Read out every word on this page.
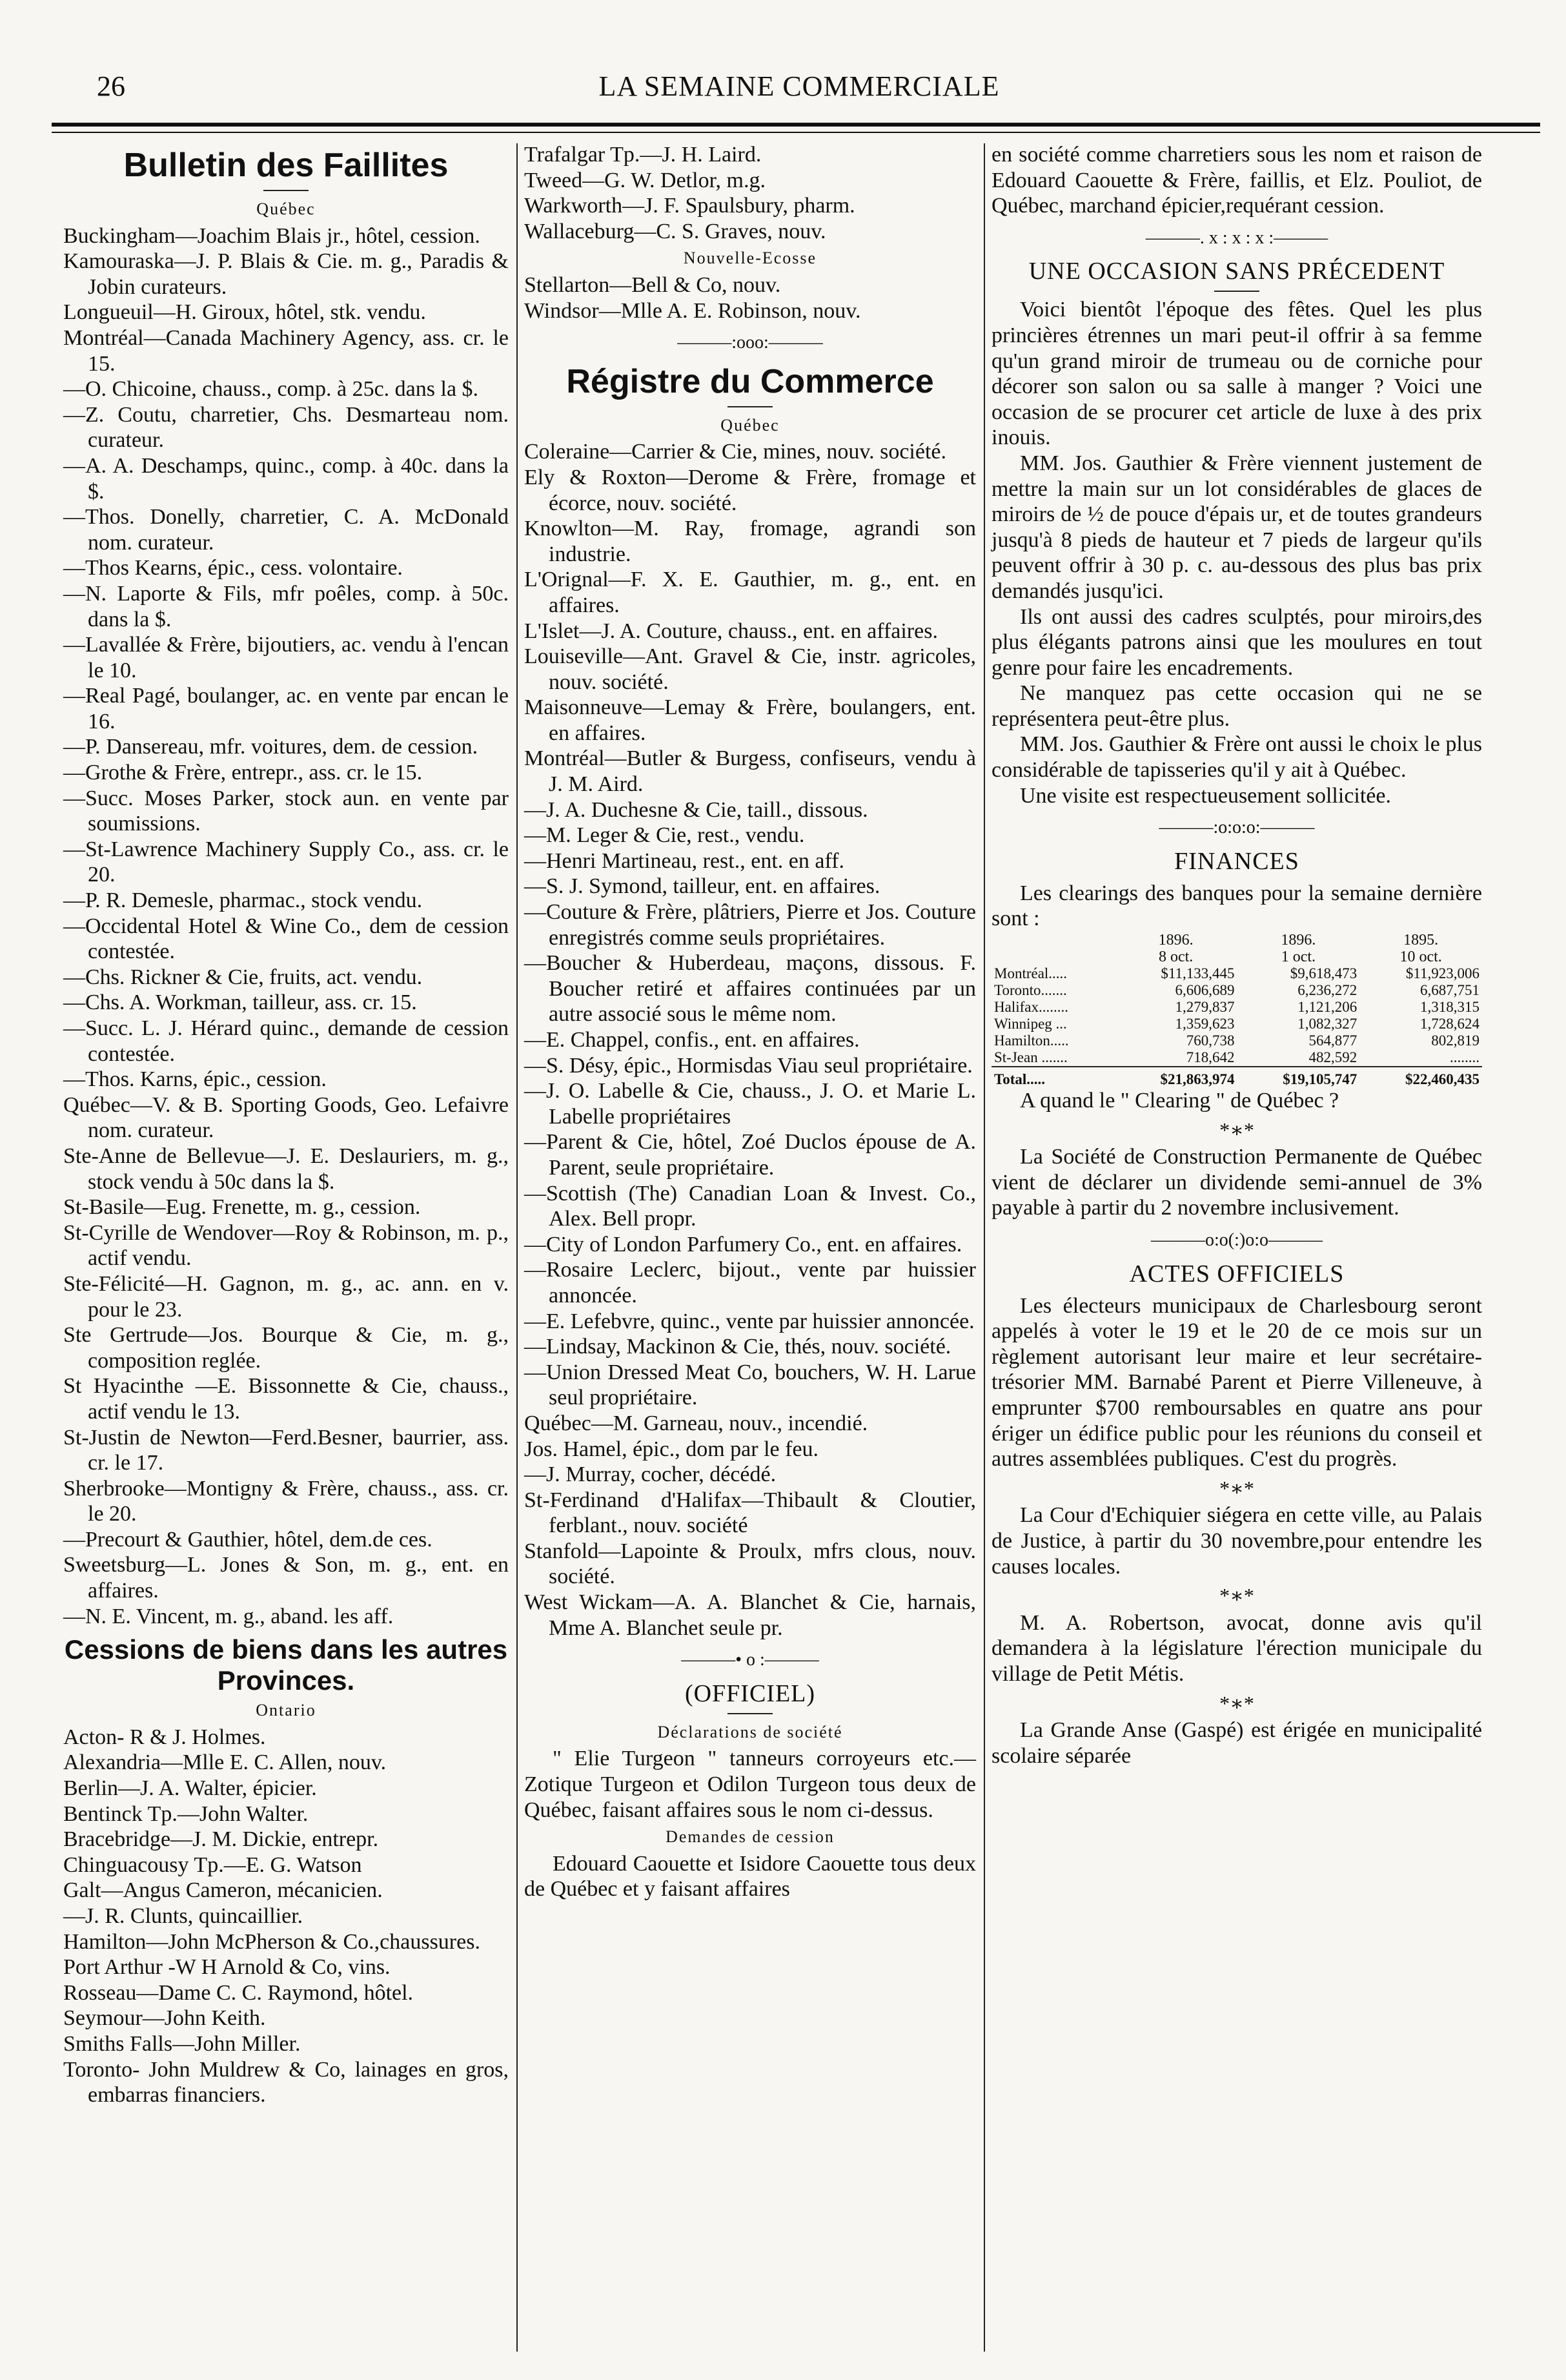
26	LA SEMAINE COMMERCIALE
Bulletin des Faillites
Québec
Buckingham—Joachim Blais jr., hôtel, cession.
Kamouraska—J. P. Blais & Cie. m. g., Paradis & Jobin curateurs.
Longueuil—H. Giroux, hôtel, stk. vendu.
Montréal—Canada Machinery Agency, ass. cr. le 15.
—O. Chicoine, chauss., comp. à 25c. dans la $.
—Z. Coutu, charretier, Chs. Desmarteau nom. curateur.
—A. A. Deschamps, quinc., comp. à 40c. dans la $.
—Thos. Donelly, charretier, C. A. McDonald nom. curateur.
—Thos Kearns, épic., cess. volontaire.
—N. Laporte & Fils, mfr poêles, comp. à 50c. dans la $.
—Lavallée & Frère, bijoutiers, ac. vendu à l'encan le 10.
—Real Pagé, boulanger, ac. en vente par encan le 16.
—P. Dansereau, mfr. voitures, dem. de cession.
—Grothe & Frère, entrepr., ass. cr. le 15.
—Succ. Moses Parker, stock aun. en vente par soumissions.
—St-Lawrence Machinery Supply Co., ass. cr. le 20.
—P. R. Demesle, pharmac., stock vendu.
—Occidental Hotel & Wine Co., dem de cession contestée.
—Chs. Rickner & Cie, fruits, act. vendu.
—Chs. A. Workman, tailleur, ass. cr. 15.
—Succ. L. J. Hérard quinc., demande de cession contestée.
—Thos. Karns, épic., cession.
Québec—V. & B. Sporting Goods, Geo. Lefaivre nom. curateur.
Ste-Anne de Bellevue—J. E. Deslauriers, m. g., stock vendu à 50c dans la $.
St-Basile—Eug. Frenette, m. g., cession.
St-Cyrille de Wendover—Roy & Robinson, m. p., actif vendu.
Ste-Félicité—H. Gagnon, m. g., ac. ann. en v. pour le 23.
Ste Gertrude—Jos. Bourque & Cie, m. g., composition reglée.
St Hyacinthe —E. Bissonnette & Cie, chauss., actif vendu le 13.
St-Justin de Newton—Ferd.Besner, baurrier, ass. cr. le 17.
Sherbrooke—Montigny & Frère, chauss., ass. cr. le 20.
—Precourt & Gauthier, hôtel, dem.de ces.
Sweetsburg—L. Jones & Son, m. g., ent. en affaires.
—N. E. Vincent, m. g., aband. les aff.
Cessions de biens dans les autres Provinces.
Ontario
Acton- R & J. Holmes.
Alexandria—Mlle E. C. Allen, nouv.
Berlin—J. A. Walter, épicier.
Bentinck Tp.—John Walter.
Bracebridge—J. M. Dickie, entrepr.
Chinguacousy Tp.—E. G. Watson
Galt—Angus Cameron, mécanicien.
—J. R. Clunts, quincaillier.
Hamilton—John McPherson & Co.,chaussures.
Port Arthur -W H Arnold & Co, vins.
Rosseau—Dame C. C. Raymond, hôtel.
Seymour—John Keith.
Smiths Falls—John Miller.
Toronto- John Muldrew & Co, lainages en gros, embarras financiers.
Trafalgar Tp.—J. H. Laird.
Tweed—G. W. Detlor, m.g.
Warkworth—J. F. Spaulsbury, pharm.
Wallaceburg—C. S. Graves, nouv.
Nouvelle-Ecosse
Stellarton—Bell & Co, nouv.
Windsor—Mlle A. E. Robinson, nouv.
———:ooo:———
Régistre du Commerce
Québec
Coleraine—Carrier & Cie, mines, nouv. société.
Ely & Roxton—Derome & Frère, fromage et écorce, nouv. société.
Knowlton—M. Ray, fromage, agrandi son industrie.
L'Orignal—F. X. E. Gauthier, m. g., ent. en affaires.
L'Islet—J. A. Couture, chauss., ent. en affaires.
Louiseville—Ant. Gravel & Cie, instr. agricoles, nouv. société.
Maisonneuve—Lemay & Frère, boulangers, ent. en affaires.
Montréal—Butler & Burgess, confiseurs, vendu à J. M. Aird.
—J. A. Duchesne & Cie, taill., dissous.
—M. Leger & Cie, rest., vendu.
—Henri Martineau, rest., ent. en aff.
—S. J. Symond, tailleur, ent. en affaires.
—Couture & Frère, plâtriers, Pierre et Jos. Couture enregistrés comme seuls propriétaires.
—Boucher & Huberdeau, maçons, dissous. F. Boucher retiré et affaires continuées par un autre associé sous le même nom.
—E. Chappel, confis., ent. en affaires.
—S. Désy, épic., Hormisdas Viau seul propriétaire.
—J. O. Labelle & Cie, chauss., J. O. et Marie L. Labelle propriétaires
—Parent & Cie, hôtel, Zoé Duclos épouse de A. Parent, seule propriétaire.
—Scottish (The) Canadian Loan & Invest. Co., Alex. Bell propr.
—City of London Parfumery Co., ent. en affaires.
—Rosaire Leclerc, bijout., vente par huissier annoncée.
—E. Lefebvre, quinc., vente par huissier annoncée.
—Lindsay, Mackinon & Cie, thés, nouv. société.
—Union Dressed Meat Co, bouchers, W. H. Larue seul propriétaire.
Québec—M. Garneau, nouv., incendié.
Jos. Hamel, épic., dom par le feu.
—J. Murray, cocher, décédé.
St-Ferdinand d'Halifax—Thibault & Cloutier, ferblant., nouv. société
Stanfold—Lapointe & Proulx, mfrs clous, nouv. société.
West Wickam—A. A. Blanchet & Cie, harnais, Mme A. Blanchet seule pr.
———• o :———
(OFFICIEL)
Déclarations de société
" Elie Turgeon " tanneurs corroyeurs etc.—Zotique Turgeon et Odilon Turgeon tous deux de Québec, faisant affaires sous le nom ci-dessus.
Demandes de cession
Edouard Caouette et Isidore Caouette tous deux de Québec et y faisant affaires
en société comme charretiers sous les nom et raison de Edouard Caouette & Frère, faillis, et Elz. Pouliot, de Québec, marchand épicier,requérant cession.
———. x : x : x :———
UNE OCCASION SANS PRÉCEDENT
Voici bientôt l'époque des fêtes. Quel les plus princières étrennes un mari peut-il offrir à sa femme qu'un grand miroir de trumeau ou de corniche pour décorer son salon ou sa salle à manger ? Voici une occasion de se procurer cet article de luxe à des prix inouis.
MM. Jos. Gauthier & Frère viennent justement de mettre la main sur un lot considérables de glaces de miroirs de ½ de pouce d'épais ur, et de toutes grandeurs jusqu'à 8 pieds de hauteur et 7 pieds de largeur qu'ils peuvent offrir à 30 p. c. au-dessous des plus bas prix demandés jusqu'ici.
Ils ont aussi des cadres sculptés, pour miroirs,des plus élégants patrons ainsi que les moulures en tout genre pour faire les encadrements.
Ne manquez pas cette occasion qui ne se représentera peut-être plus.
MM. Jos. Gauthier & Frère ont aussi le choix le plus considérable de tapisseries qu'il y ait à Québec.
Une visite est respectueusement sollicitée.
———:o:o:o:———
FINANCES
Les clearings des banques pour la semaine dernière sont :
	1896.	1896.	1895.
	8 oct.	1 oct.	10 oct.
Montréal.....	$11,133,445	$9,618,473	$11,923,006
Toronto.......	6,606,689	6,236,272	6,687,751
Halifax........	1,279,837	1,121,206	1,318,315
Winnipeg ...	1,359,623	1,082,327	1,728,624
Hamilton.....	760,738	564,877	802,819
St-Jean .......	718,642	482,592	........
Total.....	$21,863,974	$19,105,747	$22,460,435
A quand le " Clearing " de Québec ?
*∗*
La Société de Construction Permanente de Québec vient de déclarer un dividende semi-annuel de 3% payable à partir du 2 novembre inclusivement.
———o:o(:)o:o———
ACTES OFFICIELS
Les électeurs municipaux de Charlesbourg seront appelés à voter le 19 et le 20 de ce mois sur un règlement autorisant leur maire et leur secrétaire-trésorier MM. Barnabé Parent et Pierre Villeneuve, à emprunter $700 remboursables en quatre ans pour ériger un édifice public pour les réunions du conseil et autres assemblées publiques. C'est du progrès.
*∗*
La Cour d'Echiquier siégera en cette ville, au Palais de Justice, à partir du 30 novembre,pour entendre les causes locales.
*∗*
M. A. Robertson, avocat, donne avis qu'il demandera à la législature l'érection municipale du village de Petit Métis.
*∗*
La Grande Anse (Gaspé) est érigée en municipalité scolaire séparée
